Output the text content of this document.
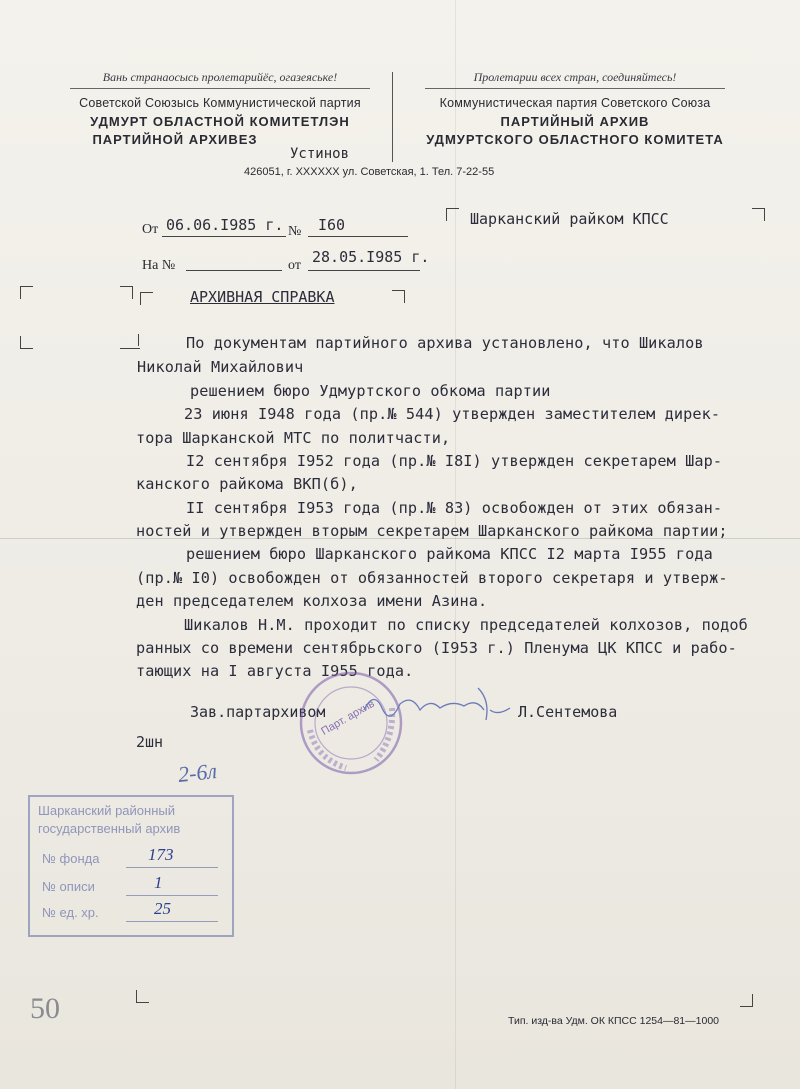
Вань странаосысь пролетарийёс, огазеяське!
Советской Союзысь Коммунистической партия
УДМУРТ ОБЛАСТНОЙ КОМИТЕТЛЭН
ПАРТИЙНОЙ АРХИВЕЗ
Пролетарии всех стран, соединяйтесь!
Коммунистическая партия Советского Союза
ПАРТИЙНЫЙ АРХИВ
УДМУРТСКОГО ОБЛАСТНОГО КОМИТЕТА
Устинов
426051, г. ХХХХХХ ул. Советская, 1. Тел. 7-22-55
От 06.06.I985 г. № I60
На №	от 28.05.I985 г.
Шарканский райком КПСС
АРХИВНАЯ СПРАВКА
По документам партийного архива установлено, что Шикалов
Николай Михайлович
решением бюро Удмуртского обкома партии
23 июня I948 года (пр.№ 544) утвержден заместителем дирек-
тора Шарканской МТС по политчасти,
I2 сентября I952 года (пр.№ I8I) утвержден секретарем Шар-
канского райкома ВКП(б),
II сентября I953 года (пр.№ 83) освобожден от этих обязан-
ностей и утвержден вторым секретарем Шарканского райкома партии;
решением бюро Шарканского райкома КПСС I2 марта I955 года
(пр.№ I0) освобожден от обязанностей второго секретаря и утверж-
ден председателем колхоза имени Азина.
Шикалов Н.М. проходит по списку председателей колхозов, подоб
ранных со времени сентябрьского (I953 г.) Пленума ЦК КПСС и рабо-
тающих на I августа I955 года.
Зав.партархивом	Л.Сентемова
2шн
Парт. архив
2-6л
Шарканский районный
государственный архив
№ фонда	173
№ описи	1
№ ед. хр.	25
50	Тип. изд-ва Удм. ОК КПСС 1254—81—1000
